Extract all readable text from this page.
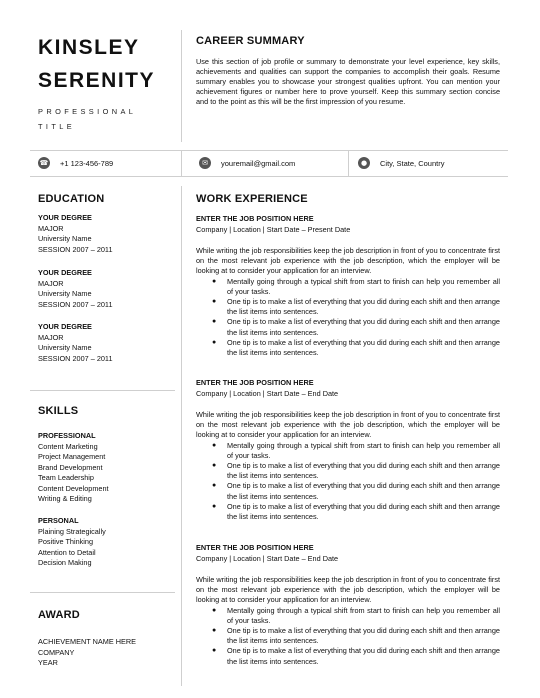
KINSLEY
SERENITY
PROFESSIONAL TITLE
CAREER SUMMARY
Use this section of job profile or summary to demonstrate your level experience, key skills, achievements and qualities can support the companies to accomplish their goals. Resume summary enables you to showcase your strongest qualities upfront. You can mention your achievement figures or number here to prove yourself. Keep this summary section concise and to the point as this will be the first impression of you resume.
☎ +1 123-456-789	✉	youremail@gmail.com	●	City, State, Country
EDUCATION
YOUR DEGREE
MAJOR
University Name
SESSION 2007 – 2011
YOUR DEGREE
MAJOR
University Name
SESSION 2007 – 2011
YOUR DEGREE
MAJOR
University Name
SESSION 2007 – 2011
SKILLS
PROFESSIONAL
Content Marketing
Project Management
Brand Development
Team Leadership
Content Development
Writing & Editing
PERSONAL
Plaining Strategically
Positive Thinking
Attention to Detail
Decision Making
AWARD
ACHIEVEMENT NAME HERE
COMPANY
YEAR
WORK EXPERIENCE
ENTER THE JOB POSITION HERE
Company | Location | Start Date – Present Date
While writing the job responsibilities keep the job description in front of you to concentrate first on the most relevant job experience with the job description, which the employer will be looking at to consider your application for an interview.
● Mentally going through a typical shift from start to finish can help you remember all of your tasks.
● One tip is to make a list of everything that you did during each shift and then arrange the list items into sentences.
● One tip is to make a list of everything that you did during each shift and then arrange the list items into sentences.
● One tip is to make a list of everything that you did during each shift and then arrange the list items into sentences.
ENTER THE JOB POSITION HERE
Company | Location | Start Date – End Date
While writing the job responsibilities keep the job description in front of you to concentrate first on the most relevant job experience with the job description, which the employer will be looking at to consider your application for an interview.
● Mentally going through a typical shift from start to finish can help you remember all of your tasks.
● One tip is to make a list of everything that you did during each shift and then arrange the list items into sentences.
● One tip is to make a list of everything that you did during each shift and then arrange the list items into sentences.
● One tip is to make a list of everything that you did during each shift and then arrange the list items into sentences.
ENTER THE JOB POSITION HERE
Company | Location | Start Date – End Date
While writing the job responsibilities keep the job description in front of you to concentrate first on the most relevant job experience with the job description, which the employer will be looking at to consider your application for an interview.
● Mentally going through a typical shift from start to finish can help you remember all of your tasks.
● One tip is to make a list of everything that you did during each shift and then arrange the list items into sentences.
● One tip is to make a list of everything that you did during each shift and then arrange the list items into sentences.
